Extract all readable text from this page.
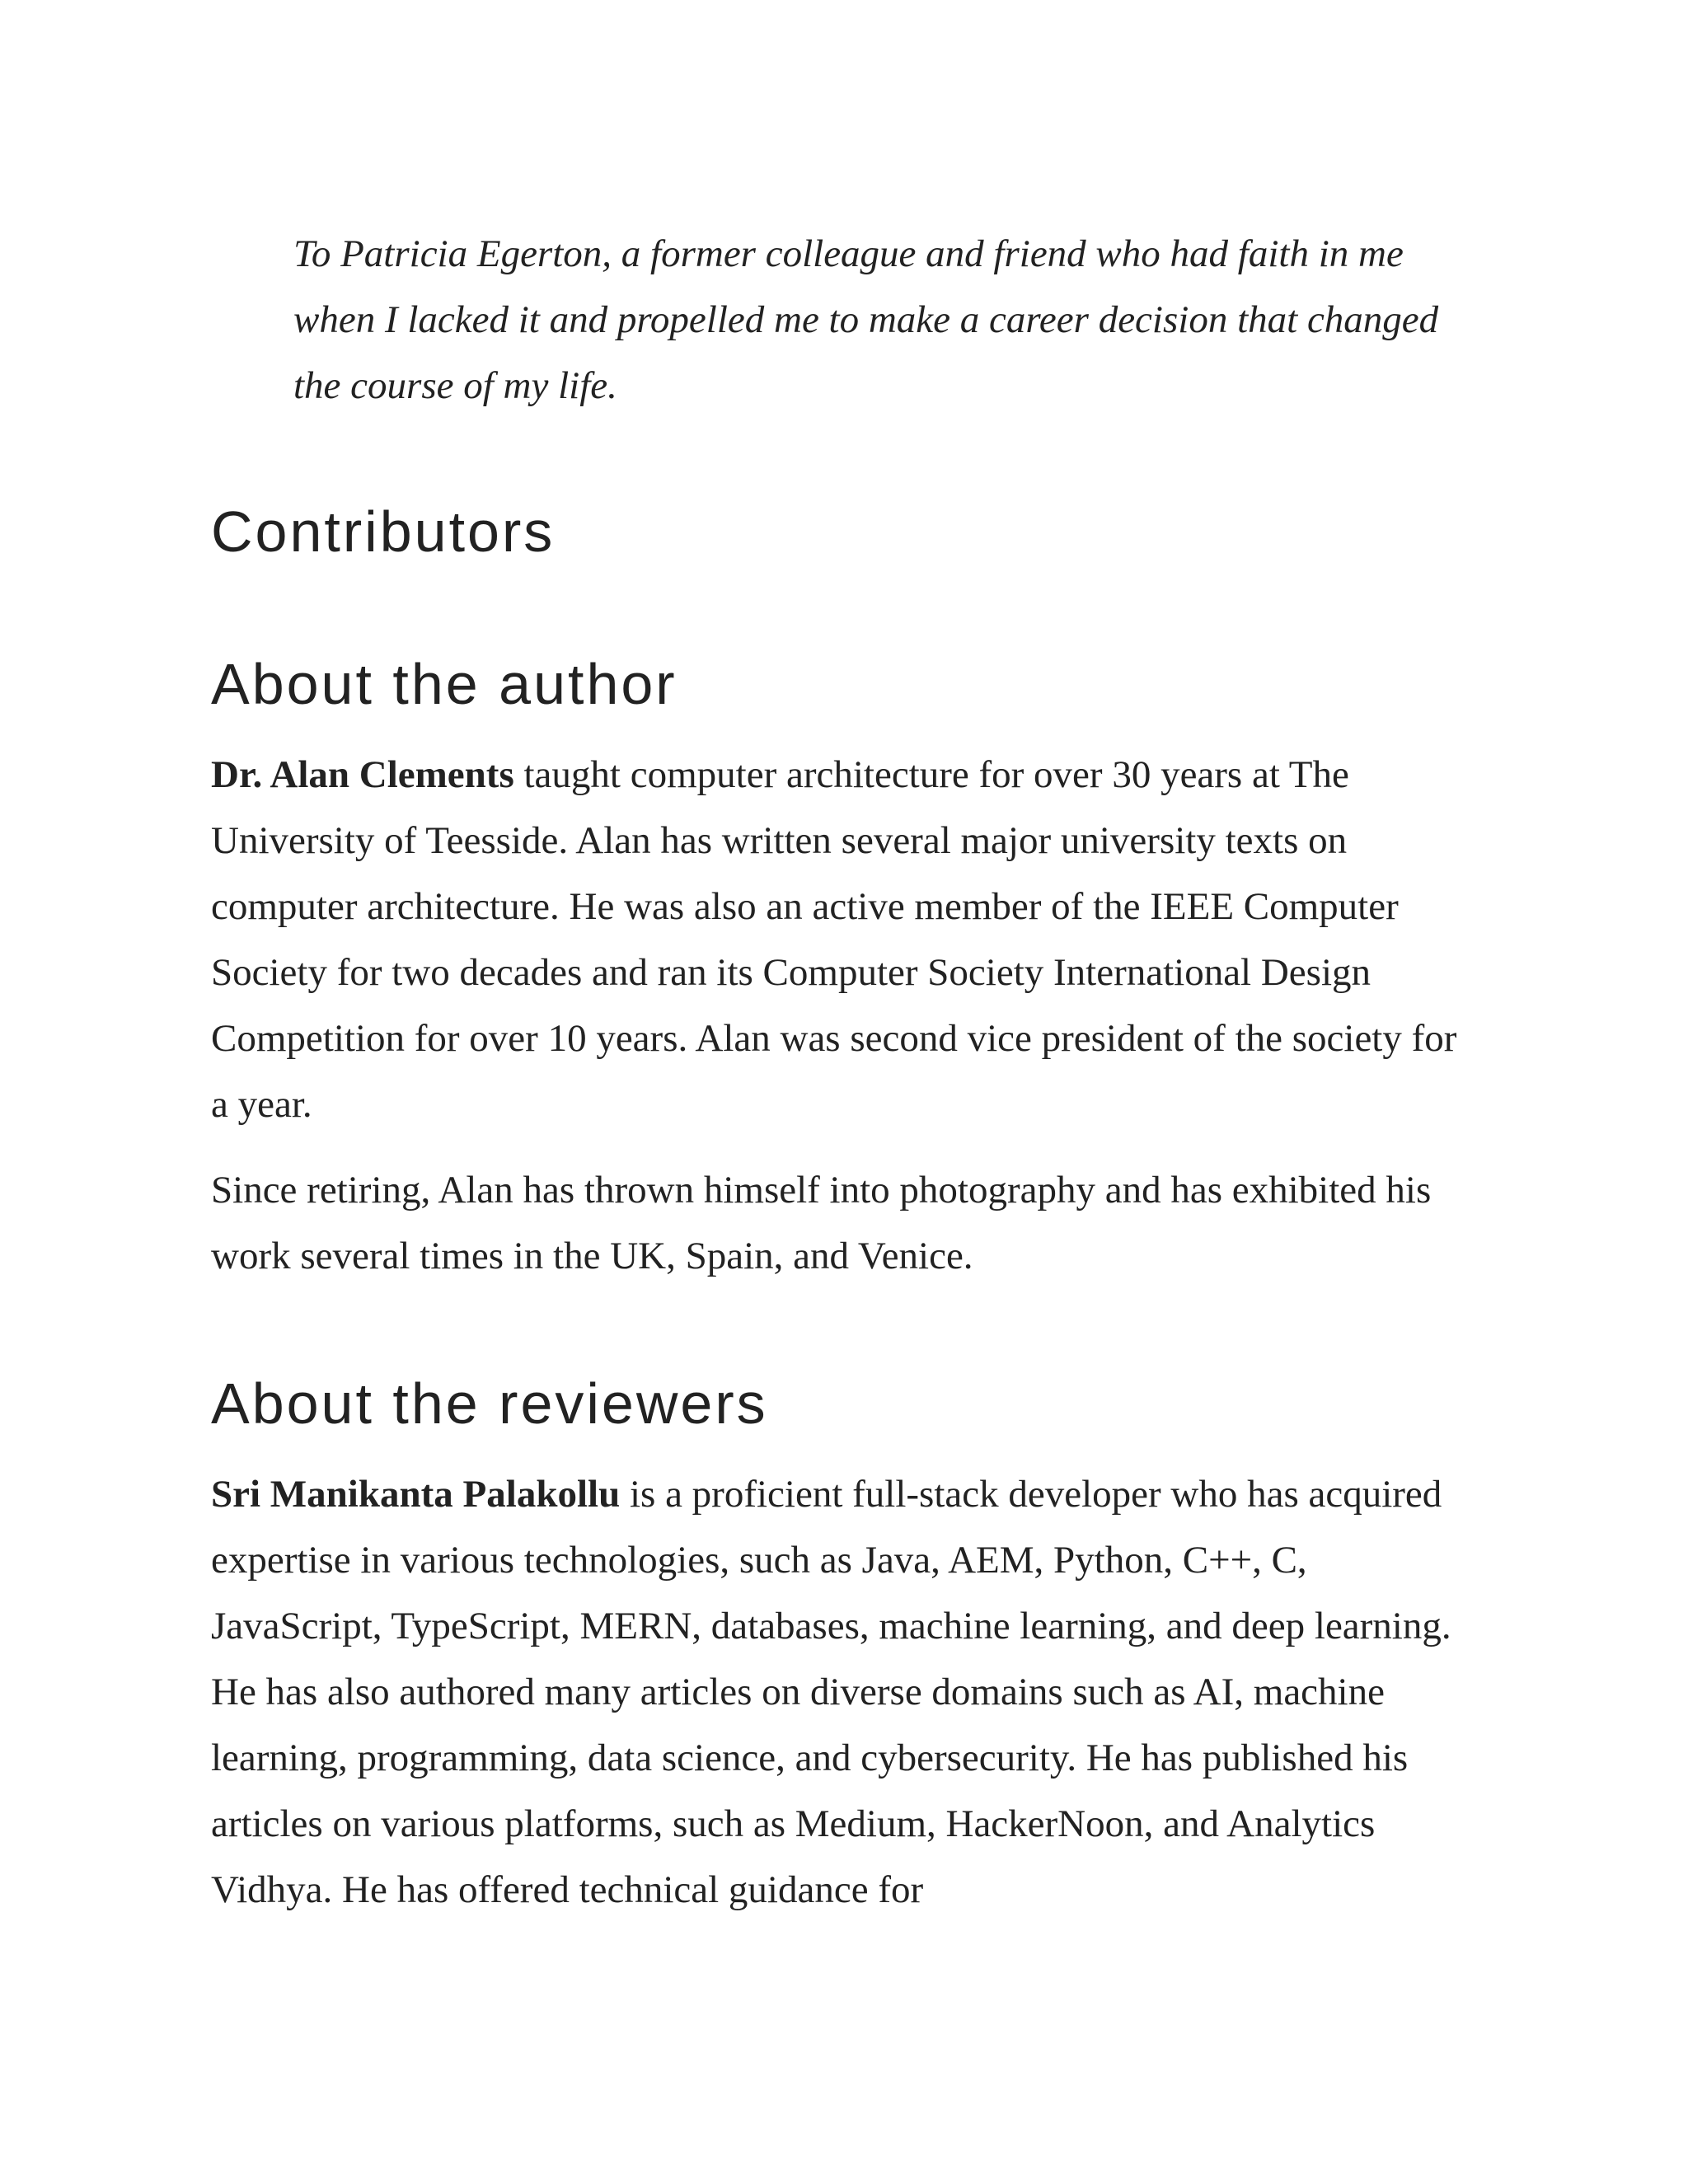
To Patricia Egerton, a former colleague and friend who had faith in me when I lacked it and propelled me to make a career decision that changed the course of my life.

Contributors
About the author

Dr. Alan Clements taught computer architecture for over 30 years at The University of Teesside. Alan has written several major university texts on computer architecture. He was also an active member of the IEEE Computer Society for two decades and ran its Computer Society International Design Competition for over 10 years. Alan was second vice president of the society for a year.

Since retiring, Alan has thrown himself into photography and has exhibited his work several times in the UK, Spain, and Venice.

About the reviewers

Sri Manikanta Palakollu is a proficient full-stack developer who has acquired expertise in various technologies, such as Java, AEM, Python, C++, C, JavaScript, TypeScript, MERN, databases, machine learning, and deep learning. He has also authored many articles on diverse domains such as AI, machine learning, programming, data science, and cybersecurity. He has published his articles on various platforms, such as Medium, HackerNoon, and Analytics Vidhya. He has offered technical guidance for
